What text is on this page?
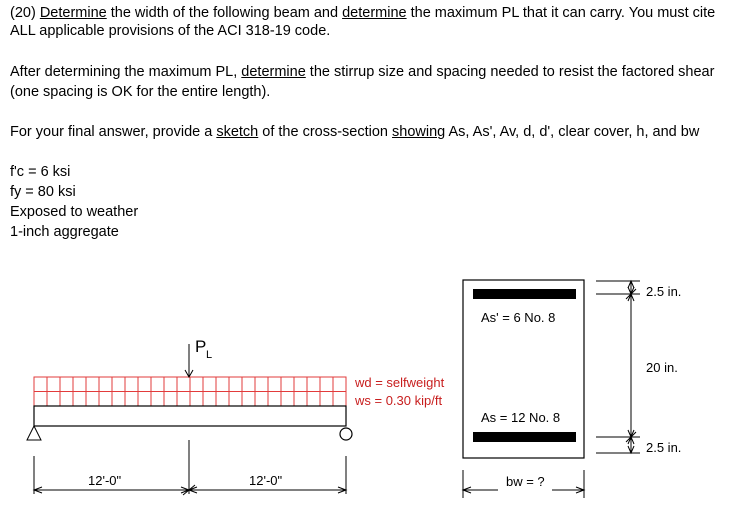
(20) Determine the width of the following beam and determine the maximum PL that it can carry. You must cite
ALL applicable provisions of the ACI 318-19 code.
After determining the maximum PL, determine the stirrup size and spacing needed to resist the factored shear
(one spacing is OK for the entire length).
For your final answer, provide a sketch of the cross-section showing As, As', Av, d, d', clear cover, h, and bw
f'c = 6 ksi
fy = 80 ksi
Exposed to weather
1-inch aggregate
P L
wd = selfweight
ws = 0.30 kip/ft
12'-0"	12'-0"
As' = 6 No. 8
As = 12 No. 8
bw = ?
2.5 in.
20 in.
2.5 in.
